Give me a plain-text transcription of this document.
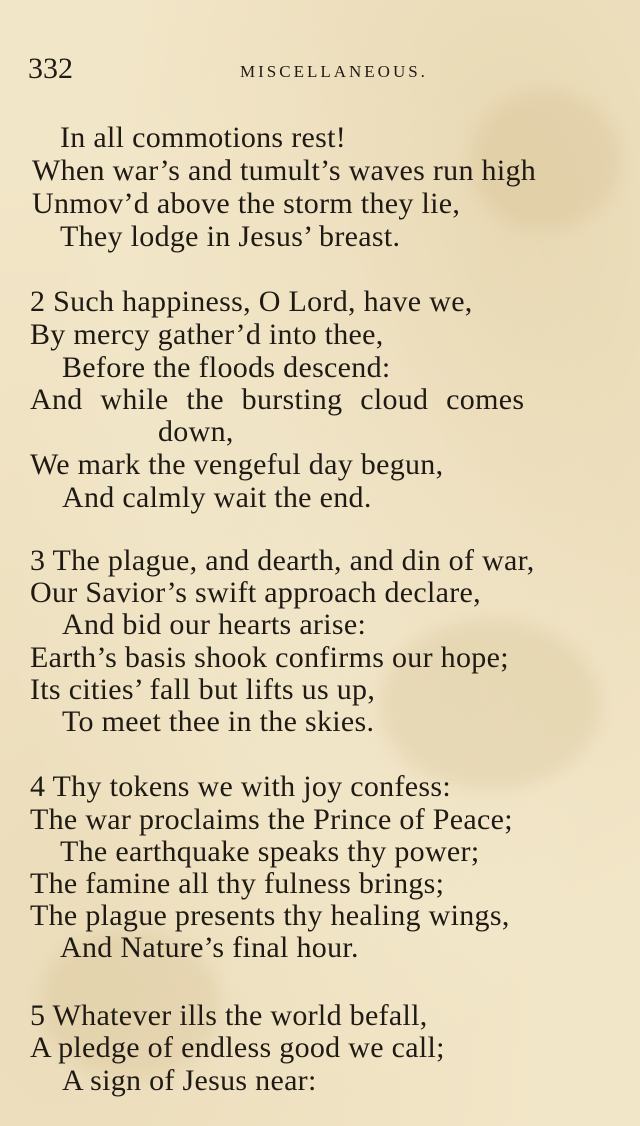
332	MISCELLANEOUS.
In all commotions rest!
When war’s and tumult’s waves run high
Unmov’d above the storm they lie,
They lodge in Jesus’ breast.
2 Such happiness, O Lord, have we,
By mercy gather’d into thee,
Before the floods descend:
And while the bursting cloud comes
down,
We mark the vengeful day begun,
And calmly wait the end.
3 The plague, and dearth, and din of war,
Our Savior’s swift approach declare,
And bid our hearts arise:
Earth’s basis shook confirms our hope;
Its cities’ fall but lifts us up,
To meet thee in the skies.
4 Thy tokens we with joy confess:
The war proclaims the Prince of Peace;
The earthquake speaks thy power;
The famine all thy fulness brings;
The plague presents thy healing wings,
And Nature’s final hour.
5 Whatever ills the world befall,
A pledge of endless good we call;
A sign of Jesus near:
